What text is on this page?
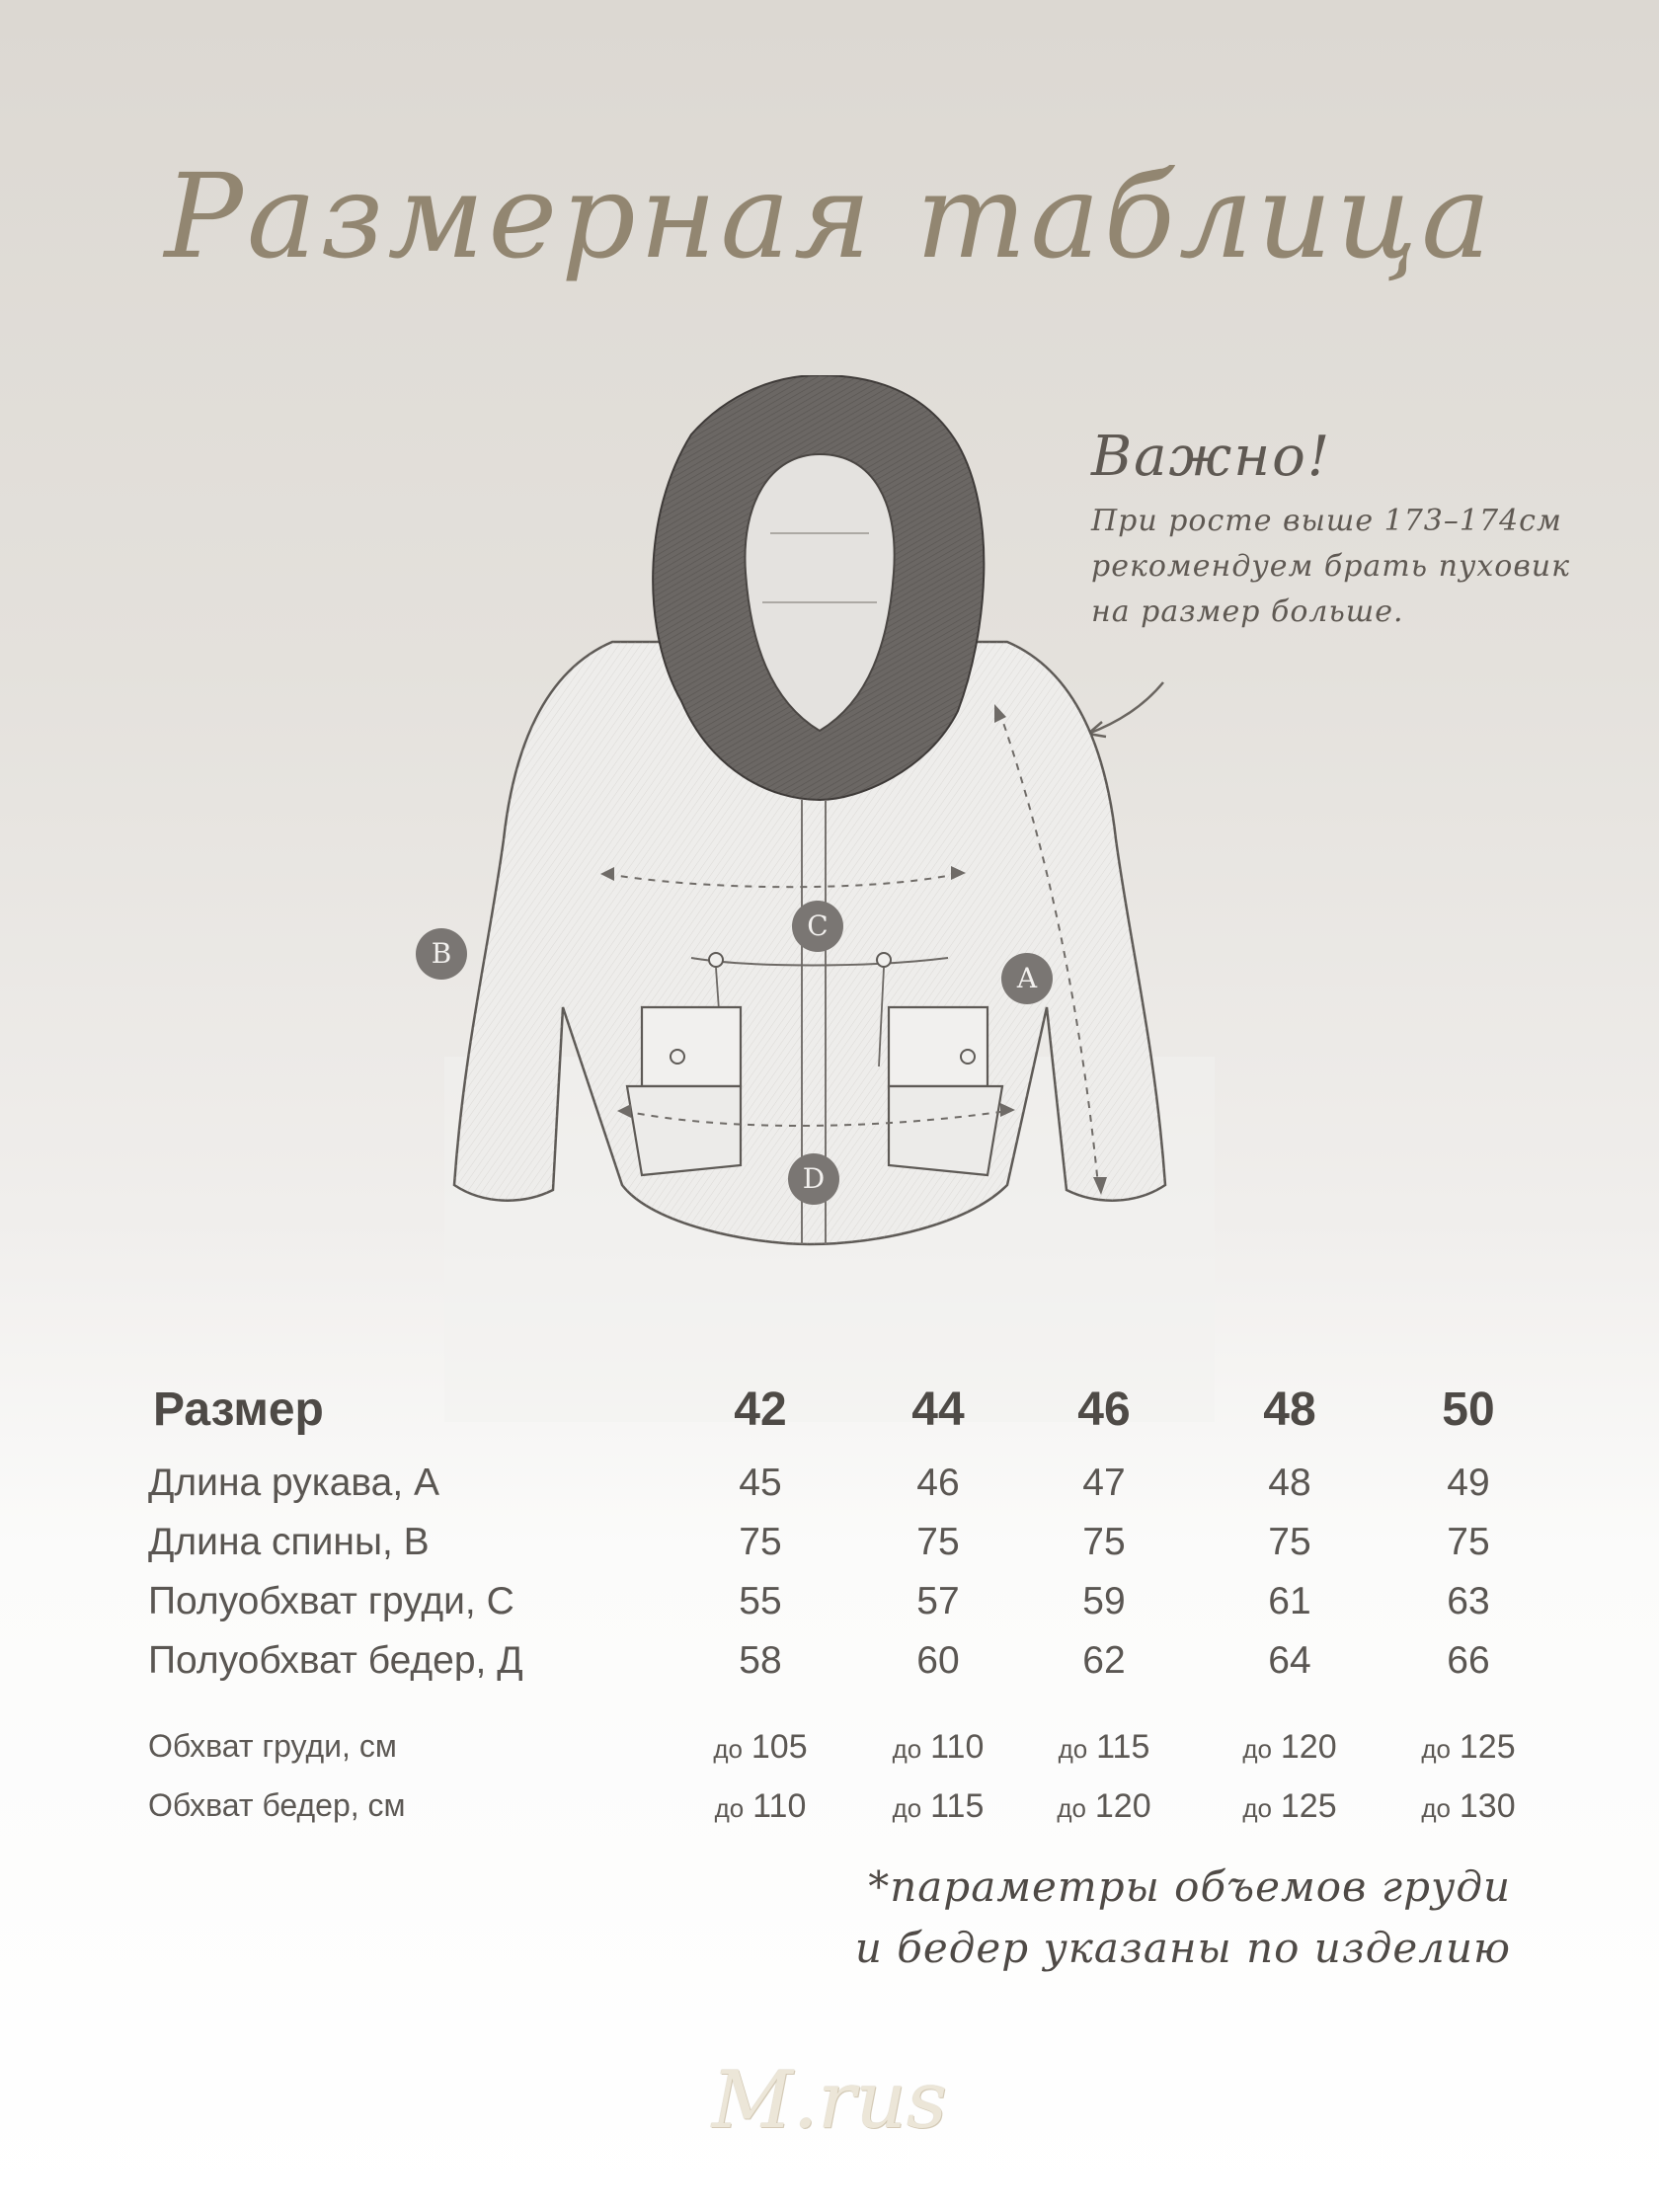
Размерная таблица
Важно!
При росте выше 173–174см
рекомендуем брать пуховик
на размер больше.
A
B
C
D
Размер	42	44	46	48	50
Длина рукава, А	45	46	47	48	49
Длина спины, В	75	75	75	75	75
Полуобхват груди, С	55	57	59	61	63
Полуобхват бедер, Д	58	60	62	64	66
Обхват груди, см	до 105	до 110	до 115	до 120	до 125
Обхват бедер, см	до 110	до 115	до 120	до 125	до 130
*параметры объемов груди
и бедер указаны по изделию
M.rus
